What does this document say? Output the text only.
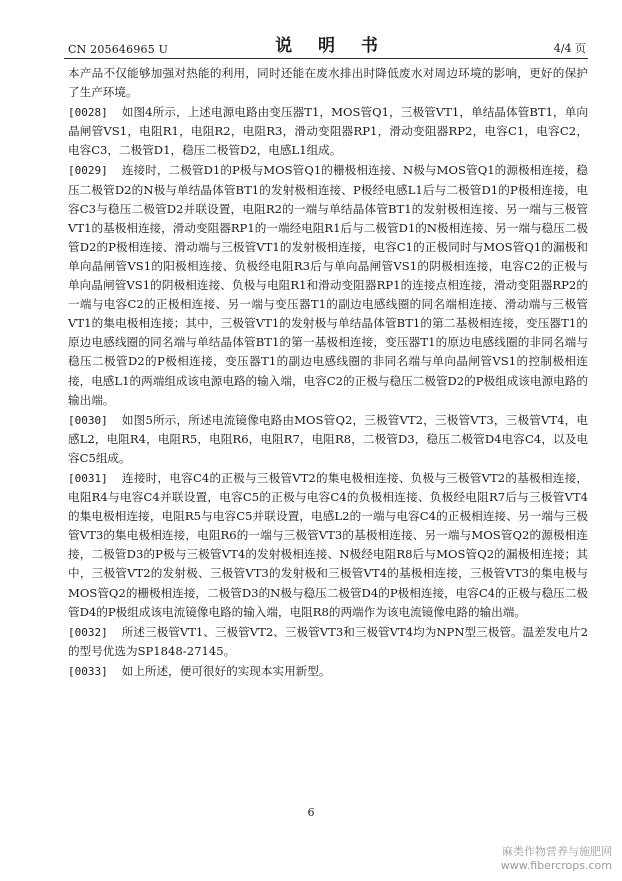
CN 205646965 U	说 明 书	4/4 页

本产品不仅能够加强对热能的利用，同时还能在废水排出时降低废水对周边环境的影响，更好的保护了生产环境。

[0028] 如图4所示，上述电源电路由变压器T1，MOS管Q1，三极管VT1，单结晶体管BT1，单向晶闸管VS1，电阻R1，电阻R2，电阻R3，滑动变阻器RP1，滑动变阻器RP2，电容C1，电容C2，电容C3，二极管D1，稳压二极管D2，电感L1组成。

[0029] 连接时，二极管D1的P极与MOS管Q1的栅极相连接、N极与MOS管Q1的源极相连接，稳压二极管D2的N极与单结晶体管BT1的发射极相连接、P极经电感L1后与二极管D1的P极相连接，电容C3与稳压二极管D2并联设置，电阻R2的一端与单结晶体管BT1的发射极相连接、另一端与三极管VT1的基极相连接，滑动变阻器RP1的一端经电阻R1后与二极管D1的N极相连接、另一端与稳压二极管D2的P极相连接、滑动端与三极管VT1的发射极相连接，电容C1的正极同时与MOS管Q1的漏极和单向晶闸管VS1的阳极相连接、负极经电阻R3后与单向晶闸管VS1的阴极相连接，电容C2的正极与单向晶闸管VS1的阴极相连接、负极与电阻R1和滑动变阻器RP1的连接点相连接，滑动变阻器RP2的一端与电容C2的正极相连接、另一端与变压器T1的副边电感线圈的同名端相连接、滑动端与三极管VT1的集电极相连接；其中，三极管VT1的发射极与单结晶体管BT1的第二基极相连接，变压器T1的原边电感线圈的同名端与单结晶体管BT1的第一基极相连接，变压器T1的原边电感线圈的非同名端与稳压二极管D2的P极相连接，变压器T1的副边电感线圈的非同名端与单向晶闸管VS1的控制极相连接，电感L1的两端组成该电源电路的输入端，电容C2的正极与稳压二极管D2的P极组成该电源电路的输出端。

[0030] 如图5所示，所述电流镜像电路由MOS管Q2，三极管VT2，三极管VT3，三极管VT4，电感L2，电阻R4，电阻R5，电阻R6，电阻R7，电阻R8，二极管D3，稳压二极管D4电容C4，以及电容C5组成。

[0031] 连接时，电容C4的正极与三极管VT2的集电极相连接、负极与三极管VT2的基极相连接，电阻R4与电容C4并联设置，电容C5的正极与电容C4的负极相连接、负极经电阻R7后与三极管VT4的集电极相连接，电阻R5与电容C5并联设置，电感L2的一端与电容C4的正极相连接、另一端与三极管VT3的集电极相连接，电阻R6的一端与三极管VT3的基极相连接、另一端与MOS管Q2的源极相连接，二极管D3的P极与三极管VT4的发射极相连接、N极经电阻R8后与MOS管Q2的漏极相连接；其中，三极管VT2的发射极、三极管VT3的发射极和三极管VT4的基极相连接，三极管VT3的集电极与MOS管Q2的栅极相连接，二极管D3的N极与稳压二极管D4的P极相连接，电容C4的正极与稳压二极管D4的P极组成该电流镜像电路的输入端，电阻R8的两端作为该电流镜像电路的输出端。

[0032] 所述三极管VT1、三极管VT2、三极管VT3和三极管VT4均为NPN型三极管。温差发电片2的型号优选为SP1848-27145。

[0033] 如上所述，便可很好的实现本实用新型。

6
麻类作物营养与施肥网
www.fibercrops.com
